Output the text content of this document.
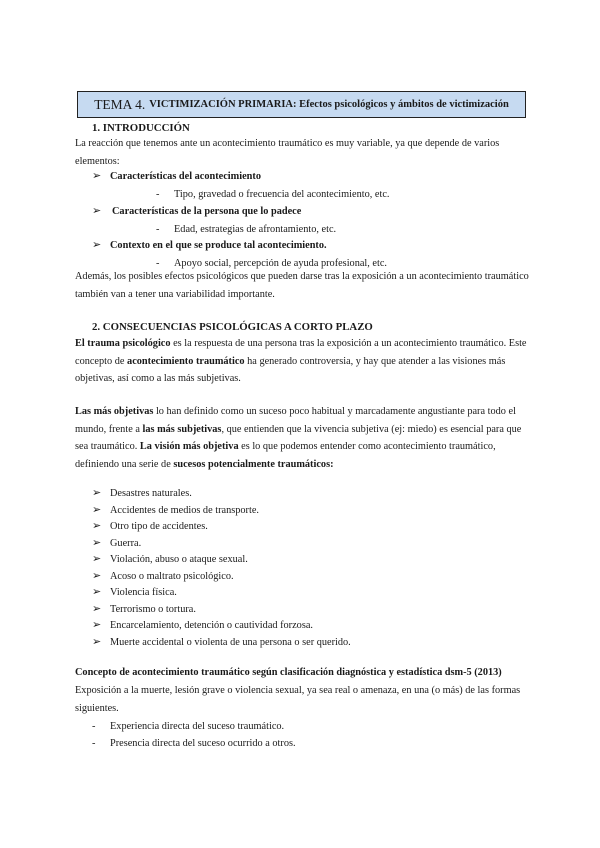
TEMA 4. VICTIMIZACIÓN PRIMARIA: Efectos psicológicos y ámbitos de victimización
1. INTRODUCCIÓN
La reacción que tenemos ante un acontecimiento traumático es muy variable, ya que depende de varios elementos:
➢ Características del acontecimiento
- Tipo, gravedad o frecuencia del acontecimiento, etc.
➢ Características de la persona que lo padece
- Edad, estrategias de afrontamiento, etc.
➢ Contexto en el que se produce tal acontecimiento.
- Apoyo social, percepción de ayuda profesional, etc.
Además, los posibles efectos psicológicos que pueden darse tras la exposición a un acontecimiento traumático también van a tener una variabilidad importante.
2. CONSECUENCIAS PSICOLÓGICAS A CORTO PLAZO
El trauma psicológico es la respuesta de una persona tras la exposición a un acontecimiento traumático. Este concepto de acontecimiento traumático ha generado controversia, y hay que atender a las visiones más objetivas, así como a las más subjetivas.
Las más objetivas lo han definido como un suceso poco habitual y marcadamente angustiante para todo el mundo, frente a las más subjetivas, que entienden que la vivencia subjetiva (ej: miedo) es esencial para que sea traumático. La visión más objetiva es lo que podemos entender como acontecimiento traumático, definiendo una serie de sucesos potencialmente traumáticos:
➢ Desastres naturales.
➢ Accidentes de medios de transporte.
➢ Otro tipo de accidentes.
➢ Guerra.
➢ Violación, abuso o ataque sexual.
➢ Acoso o maltrato psicológico.
➢ Violencia física.
➢ Terrorismo o tortura.
➢ Encarcelamiento, detención o cautividad forzosa.
➢ Muerte accidental o violenta de una persona o ser querido.
Concepto de acontecimiento traumático según clasificación diagnóstica y estadística dsm-5 (2013)
Exposición a la muerte, lesión grave o violencia sexual, ya sea real o amenaza, en una (o más) de las formas siguientes.
- Experiencia directa del suceso traumático.
- Presencia directa del suceso ocurrido a otros.
